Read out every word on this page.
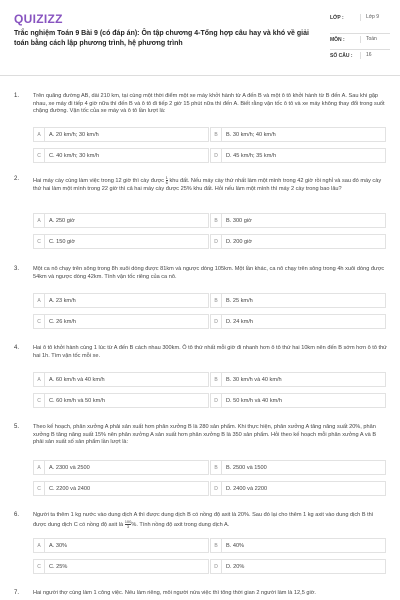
QUIZIZZ
Trắc nghiệm Toán 9 Bài 9 (có đáp án): Ôn tập chương 4-Tổng hợp câu hay và khó về giải toán bằng cách lập phương trình, hệ phương trình
LỚP :	Lớp 9
MÔN :	Toán
SỐ CÂU :	16
1. Trên quãng đường AB, dài 210 km, tại cùng một thời điểm một xe máy khởi hành từ A đến B và một ô tô khởi hành từ B đến A. Sau khi gặp nhau, xe máy đi tiếp 4 giờ nữa thì đến B và ô tô đi tiếp 2 giờ 15 phút nữa thì đến A. Biết rằng vận tốc ô tô và xe máy không thay đổi trong suốt chặng đường. Vận tốc của xe máy và ô tô lần lượt là:
A	A. 20 km/h; 30 km/h	B	B. 30 km/h; 40 km/h
C	C. 40 km/h; 30 km/h	D	D. 45 km/h; 35 km/h
2. Hai máy cày cùng làm việc trong 12 giờ thì cày được $\frac{1}{6}$ khu đất. Nếu máy cày thứ nhất làm một mình trong 42 giờ rồi nghỉ và sau đó máy cày thứ hai làm một mình trong 22 giờ thì cả hai máy cày được 25% khu đất. Hỏi nếu làm một mình thì máy 2 cày trong bao lâu?
A	A. 250 giờ	B	B. 300 giờ
C	C. 150 giờ	D	D. 200 giờ
3. Một ca nô chạy trên sông trong 8h xuôi dòng được 81km và ngược dòng 105km. Một lần khác, ca nô chạy trên sông trong 4h xuôi dòng được 54km và ngược dòng 42km. Tính vận tốc riêng của ca nô.
A	A. 23 km/h	B	B. 25 km/h
C	C. 26 km/h	D	D. 24 km/h
4. Hai ô tô khởi hành cùng 1 lúc từ A đến B cách nhau 300km. Ô tô thứ nhất mỗi giờ đi nhanh hơn ô tô thứ hai 10km nên đến B sớm hơn ô tô thứ hai 1h. Tìm vận tốc mỗi xe.
A	A. 60 km/h và 40 km/h	B	B. 30 km/h và 40 km/h
C	C. 60 km/h và 50 km/h	D	D. 50 km/h và 40 km/h
5. Theo kế hoạch, phân xưởng A phải sản xuất hơn phân xưởng B là 280 sản phẩm. Khi thực hiện, phân xưởng A tăng năng suất 20%, phân xưởng B tăng năng suất 15% nên phân xưởng A sản xuất hơn phân xưởng B là 350 sản phẩm. Hỏi theo kế hoạch mỗi phân xưởng A và B phải sản xuất số sản phẩm lần lượt là:
A	A. 2300 và 2500	B	B. 2500 và 1500
C	C. 2200 và 2400	D	D. 2400 và 2200
6. Người ta thêm 1 kg nước vào dung dịch A thì được dung dịch B có nồng độ axit là 20%. Sau đó lại cho thêm 1 kg axit vào dung dịch B thì được dung dịch C có nồng độ axit là $\frac{100}{3}$ %. Tính nồng độ axit trong dung dịch A.
A	A. 30%	B	B. 40%
C	C. 25%	D	D. 20%
7. Hai người thợ cùng làm 1 công việc. Nếu làm riêng, mỗi người nửa việc thì tổng thời gian 2 người làm là 12,5 giờ.
